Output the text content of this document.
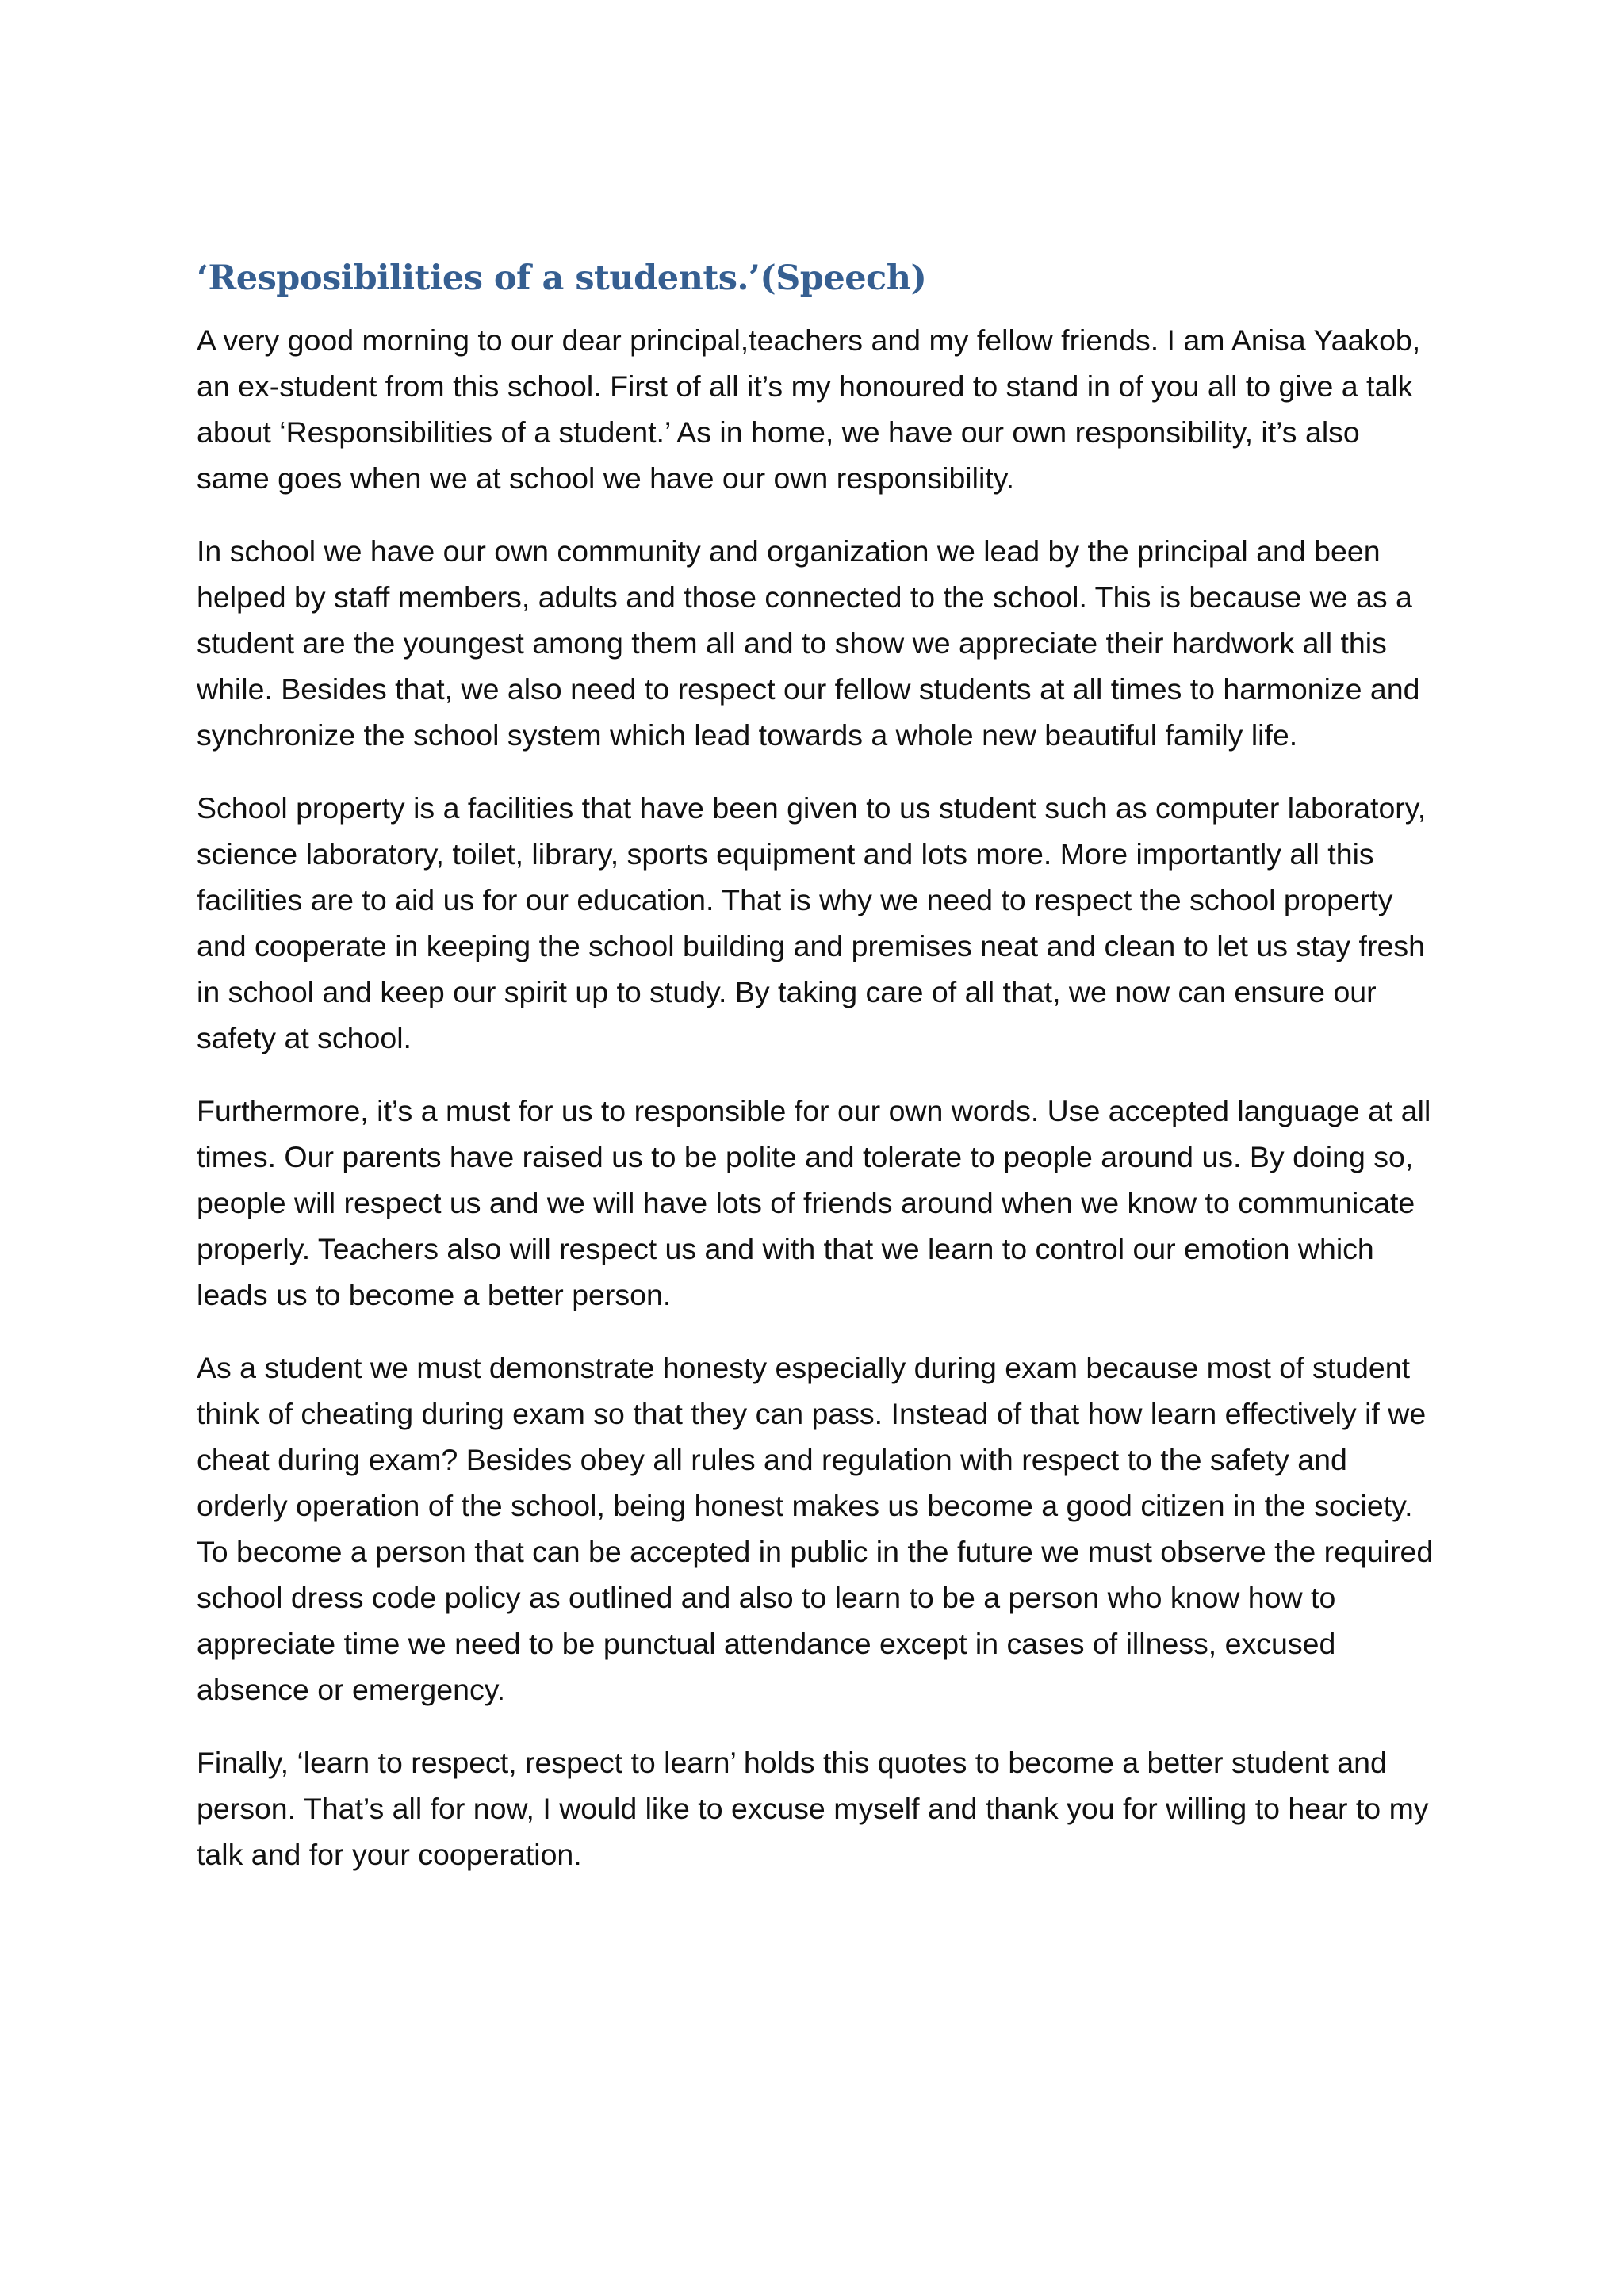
‘Resposibilities of a students.’(Speech)

A very good morning to our dear principal,teachers and my fellow friends. I am Anisa Yaakob, an ex-student from this school. First of all it’s my honoured to stand in of you all to give a talk about ‘Responsibilities of a student.’ As in home, we have our own responsibility, it’s also same goes when we at school we have our own responsibility.

In school we have our own community and organization we lead by the principal and been helped by staff members, adults and those connected to the school. This is because we as a student are the youngest among them all and to show we appreciate their hardwork all this while. Besides that, we also need to respect our fellow students at all times to harmonize and synchronize the school system which lead towards a whole new beautiful family life.

School property is a facilities that have been given to us student such as computer laboratory, science laboratory, toilet, library, sports equipment and lots more. More importantly all this facilities are to aid us for our education. That is why we need to respect the school property and cooperate in keeping the school building and premises neat and clean to let us stay fresh in school and keep our spirit up to study. By taking care of all that, we now can ensure our safety at school.

Furthermore, it’s a must for us to responsible for our own words. Use accepted language at all times. Our parents have raised us to be polite and tolerate to people around us. By doing so, people will respect us and we will have lots of friends around when we know to communicate properly. Teachers also will respect us and with that we learn to control our emotion which leads us to become a better person.

As a student we must demonstrate honesty especially during exam because most of student think of cheating during exam so that they can pass. Instead of that how learn effectively if we cheat during exam? Besides obey all rules and regulation with respect to the safety and orderly operation of the school, being honest makes us become a good citizen in the society. To become a person that can be accepted in public in the future we must observe the required school dress code policy as outlined and also to learn to be a person who know how to appreciate time we need to be punctual attendance except in cases of illness, excused absence or emergency.

Finally, ‘learn to respect, respect to learn’ holds this quotes to become a better student and person. That’s all for now, I would like to excuse myself and thank you for willing to hear to my talk and for your cooperation.
